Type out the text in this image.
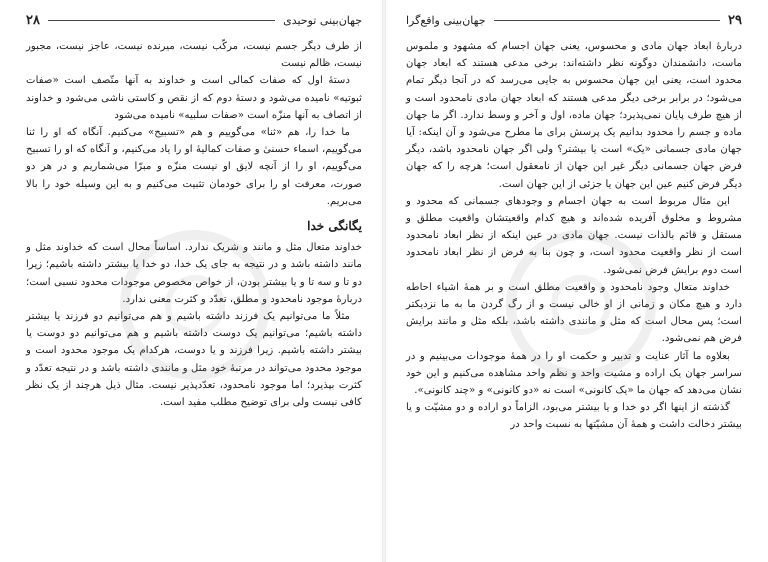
۲۸	جهان‌بینی توحیدی

از طرف دیگر جسم نیست، مرکّب نیست، میرنده نیست، عاجز نیست، مجبور نیست، ظالم نیست

دستهٔ اول که صفات کمالی است و خداوند به آنها متّصف است «صفات ثبوتیه» نامیده می‌شود و دستهٔ دوم که از نقص و کاستی ناشی می‌شود و خداوند از اتصاف به آنها منزّه است «صفات سلبیه» نامیده می‌شود

ما خدا را، هم «ثنا» می‌گوییم و هم «تسبیح» می‌کنیم. آنگاه که او را ثنا می‌گوییم، اسماء حسنیٰ و صفات کمالیهٔ او را یاد می‌کنیم، و آنگاه که او را تسبیح می‌گوییم، او را از آنچه لایق او نیست منزّه و مبرّا می‌شماریم و در هر دو صورت، معرفت او را برای خودمان تثبیت می‌کنیم و به این وسیله خود را بالا می‌بریم.

یگانگی خدا

خداوند متعال مثل و مانند و شریک ندارد. اساساً محال است که خداوند مثل و مانند داشته باشد و در نتیجه به جای یک خدا، دو خدا یا بیشتر داشته باشیم؛ زیرا دو تا و سه تا و یا بیشتر بودن، از خواص مخصوص موجودات محدود نسبی است؛ دربارهٔ موجود نامحدود و مطلق، تعدّد و کثرت معنی ندارد.

مثلاً ما می‌توانیم یک فرزند داشته باشیم و هم می‌توانیم دو فرزند یا بیشتر داشته باشیم؛ می‌توانیم یک دوست داشته باشیم و هم می‌توانیم دو دوست یا بیشتر داشته باشیم. زیرا فرزند و یا دوست، هرکدام یک موجود محدود است و موجود محدود می‌تواند در مرتبهٔ خود مثل و مانندی داشته باشد و در نتیجه تعدّد و کثرت بپذیرد؛ اما موجود نامحدود، تعدّدپذیر نیست. مثال ذیل هرچند از یک نظر کافی نیست ولی برای توضیح مطلب مفید است.

جهان‌بینی واقع‌گرا	۲۹

دربارهٔ ابعاد جهان مادی و محسوس، یعنی جهان اجسام که مشهود و ملموس ماست، دانشمندان دوگونه نظر داشته‌اند: برخی مدعی هستند که ابعاد جهان محدود است، یعنی این جهان محسوس به جایی می‌رسد که در آنجا دیگر تمام می‌شود؛ در برابر برخی دیگر مدعی هستند که ابعاد جهان مادی نامحدود است و از هیچ طرف پایان نمی‌پذیرد؛ جهان ماده، اول و آخر و وسط ندارد. اگر ما جهان ماده و جسم را محدود بدانیم یک پرسش برای ما مطرح می‌شود و آن اینکه: آیا جهان مادی جسمانی «یک» است یا بیشتر؟ ولی اگر جهان نامحدود باشد، دیگر فرض جهان جسمانی دیگر غیر این جهان از نامعقول است؛ هرچه را که جهان دیگر فرض کنیم عین این جهان یا جزئی از این جهان است.

این مثال مربوط است به جهان اجسام و وجودهای جسمانی که محدود و مشروط و مخلوق آفریده شده‌اند و هیچ کدام واقعیتشان واقعیت مطلق و مستقل و قائم بالذات نیست. جهان مادی در عین اینکه از نظر ابعاد نامحدود است از نظر واقعیت محدود است، و چون بنا به فرض از نظر ابعاد نامحدود است دوم برایش فرض نمی‌شود.

خداوند متعال وجود نامحدود و واقعیت مطلق است و بر همهٔ اشیاء احاطه دارد و هیچ مکان و زمانی از او خالی نیست و از رگ گردن ما به ما نزدیکتر است؛ پس محال است که مثل و مانندی داشته باشد، بلکه مثل و مانند برایش فرض هم نمی‌شود.

بعلاوه ما آثار عنایت و تدبیر و حکمت او را در همهٔ موجودات می‌بینیم و در سراسر جهان یک اراده و مشیت واحد و نظم واحد مشاهده می‌کنیم و این خود نشان می‌دهد که جهان ما «یک کانونی» است نه «دو کانونی» و «چند کانونی».

گذشته از اینها اگر دو خدا و یا بیشتر می‌بود، الزاماً دو اراده و دو مشیّت و یا بیشتر دخالت داشت و همهٔ آن مشیّتها به نسبت واحد در
